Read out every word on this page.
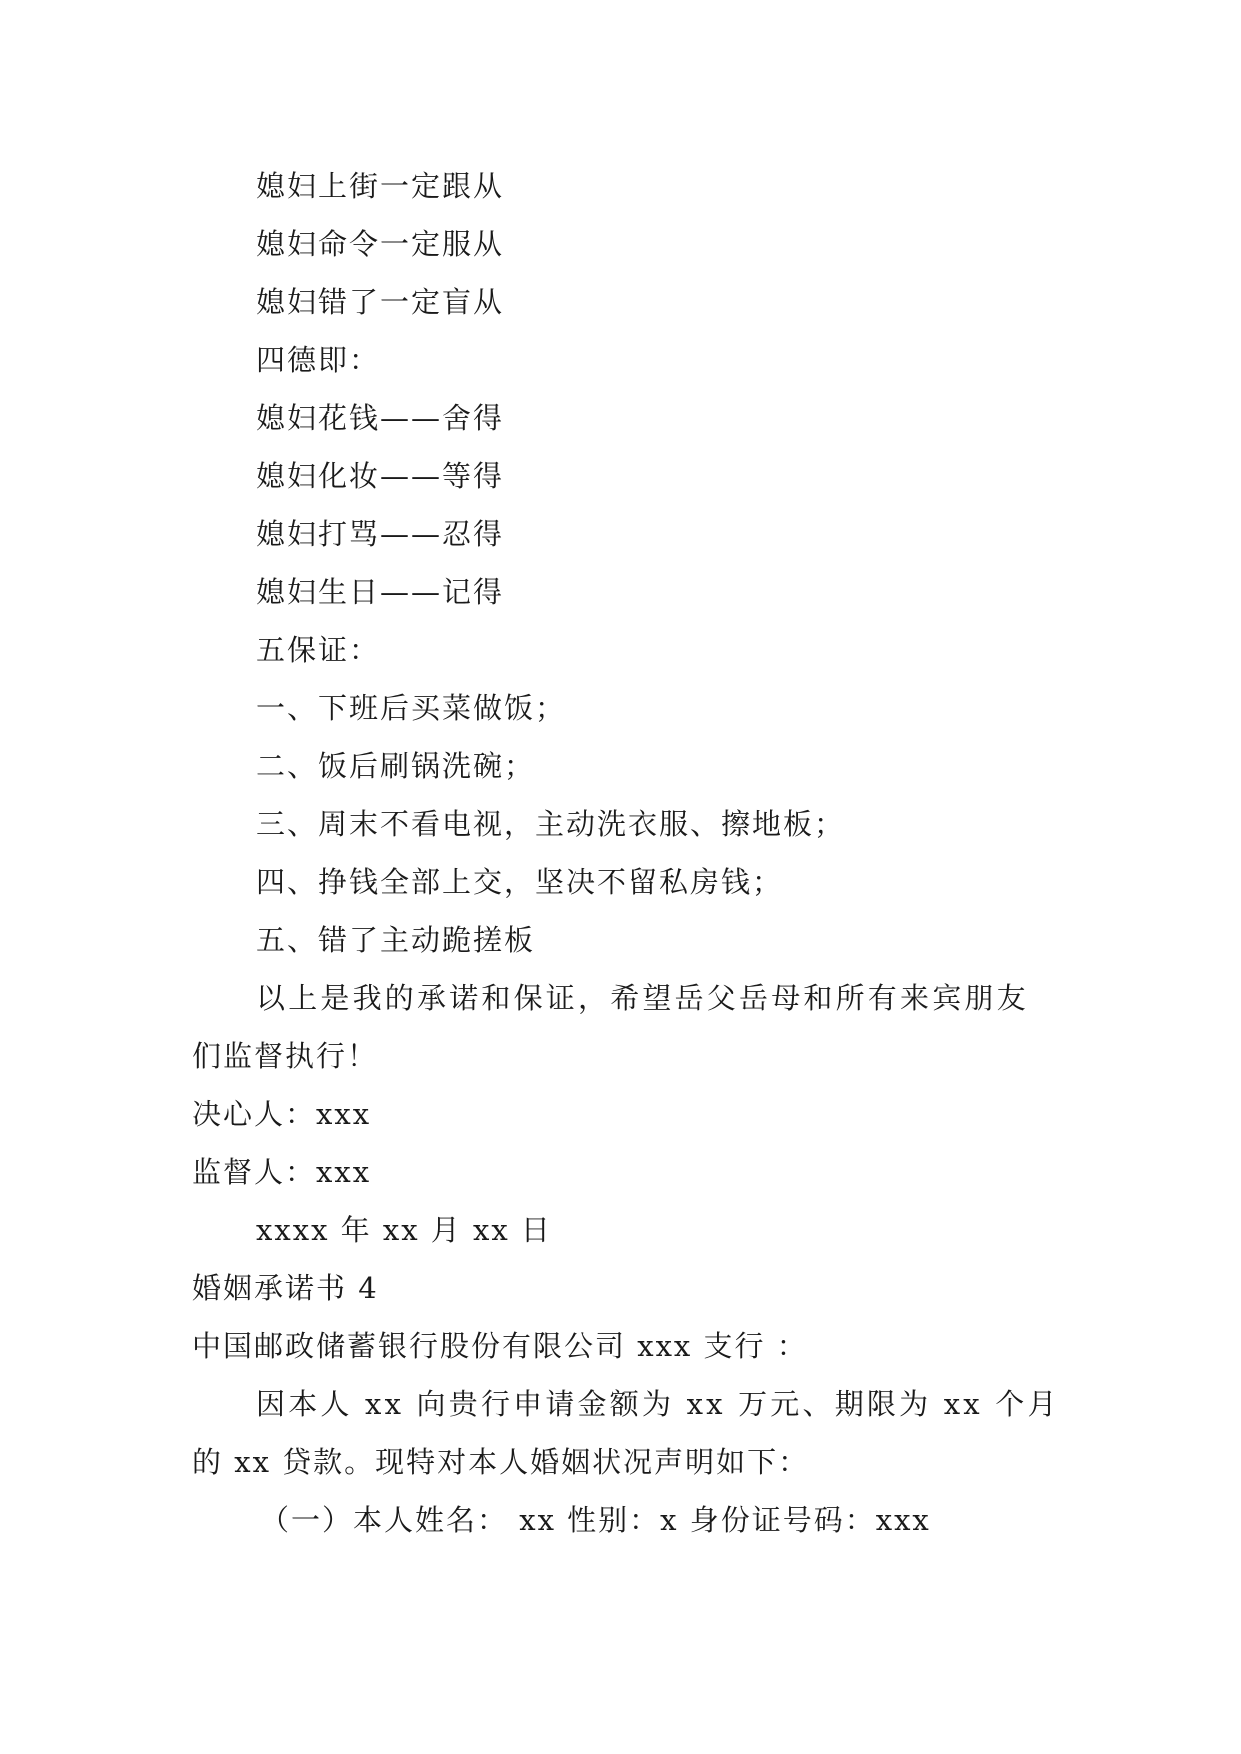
媳妇上街一定跟从
媳妇命令一定服从
媳妇错了一定盲从
四德即：
媳妇花钱——舍得
媳妇化妆——等得
媳妇打骂——忍得
媳妇生日——记得
五保证：
一、下班后买菜做饭；
二、饭后刷锅洗碗；
三、周末不看电视，主动洗衣服、擦地板；
四、挣钱全部上交，坚决不留私房钱；
五、错了主动跪搓板
以上是我的承诺和保证，希望岳父岳母和所有来宾朋友
们监督执行！
决心人：xxx
监督人：xxx
xxxx 年 xx 月 xx 日
婚姻承诺书 4
中国邮政储蓄银行股份有限公司 xxx 支行 ：
因本人 xx 向贵行申请金额为 xx 万元、期限为 xx 个月
的 xx 贷款。现特对本人婚姻状况声明如下：
（一）本人姓名： xx 性别：x 身份证号码：xxx
